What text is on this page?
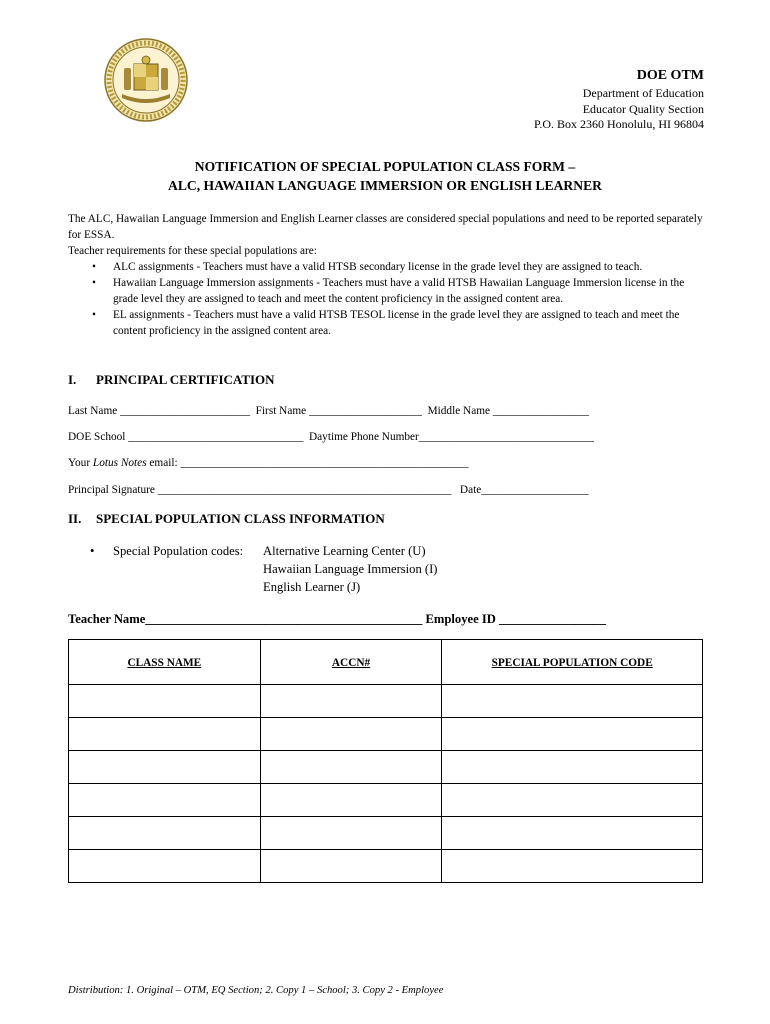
DOE OTM
Department of Education
Educator Quality Section
P.O. Box 2360 Honolulu, HI 96804
NOTIFICATION OF SPECIAL POPULATION CLASS FORM –
ALC, HAWAIIAN LANGUAGE IMMERSION OR ENGLISH LEARNER

The ALC, Hawaiian Language Immersion and English Learner classes are considered special populations and need to be reported separately for ESSA.

Teacher requirements for these special populations are:

• ALC assignments - Teachers must have a valid HTSB secondary license in the grade level they are assigned to teach.
• Hawaiian Language Immersion assignments - Teachers must have a valid HTSB Hawaiian Language Immersion license in the grade level they are assigned to teach and meet the content proficiency in the assigned content area.
• EL assignments - Teachers must have a valid HTSB TESOL license in the grade level they are assigned to teach and meet the content proficiency in the assigned content area.
I. PRINCIPAL CERTIFICATION
Last Name _______________________  First Name ____________________  Middle Name _________________
DOE School _______________________________  Daytime Phone Number_______________________________
Your Lotus Notes email: ___________________________________________________
Principal Signature ____________________________________________________   Date___________________
II. SPECIAL POPULATION CLASS INFORMATION
• Special Population codes: Alternative Learning Center (U)
Hawaiian Language Immersion (I)
English Learner (J)
Teacher Name____________________________________________ Employee ID _________________
CLASS NAME	ACCN#	SPECIAL POPULATION CODE

Distribution: 1. Original – OTM, EQ Section; 2. Copy 1 – School; 3. Copy 2 - Employee
